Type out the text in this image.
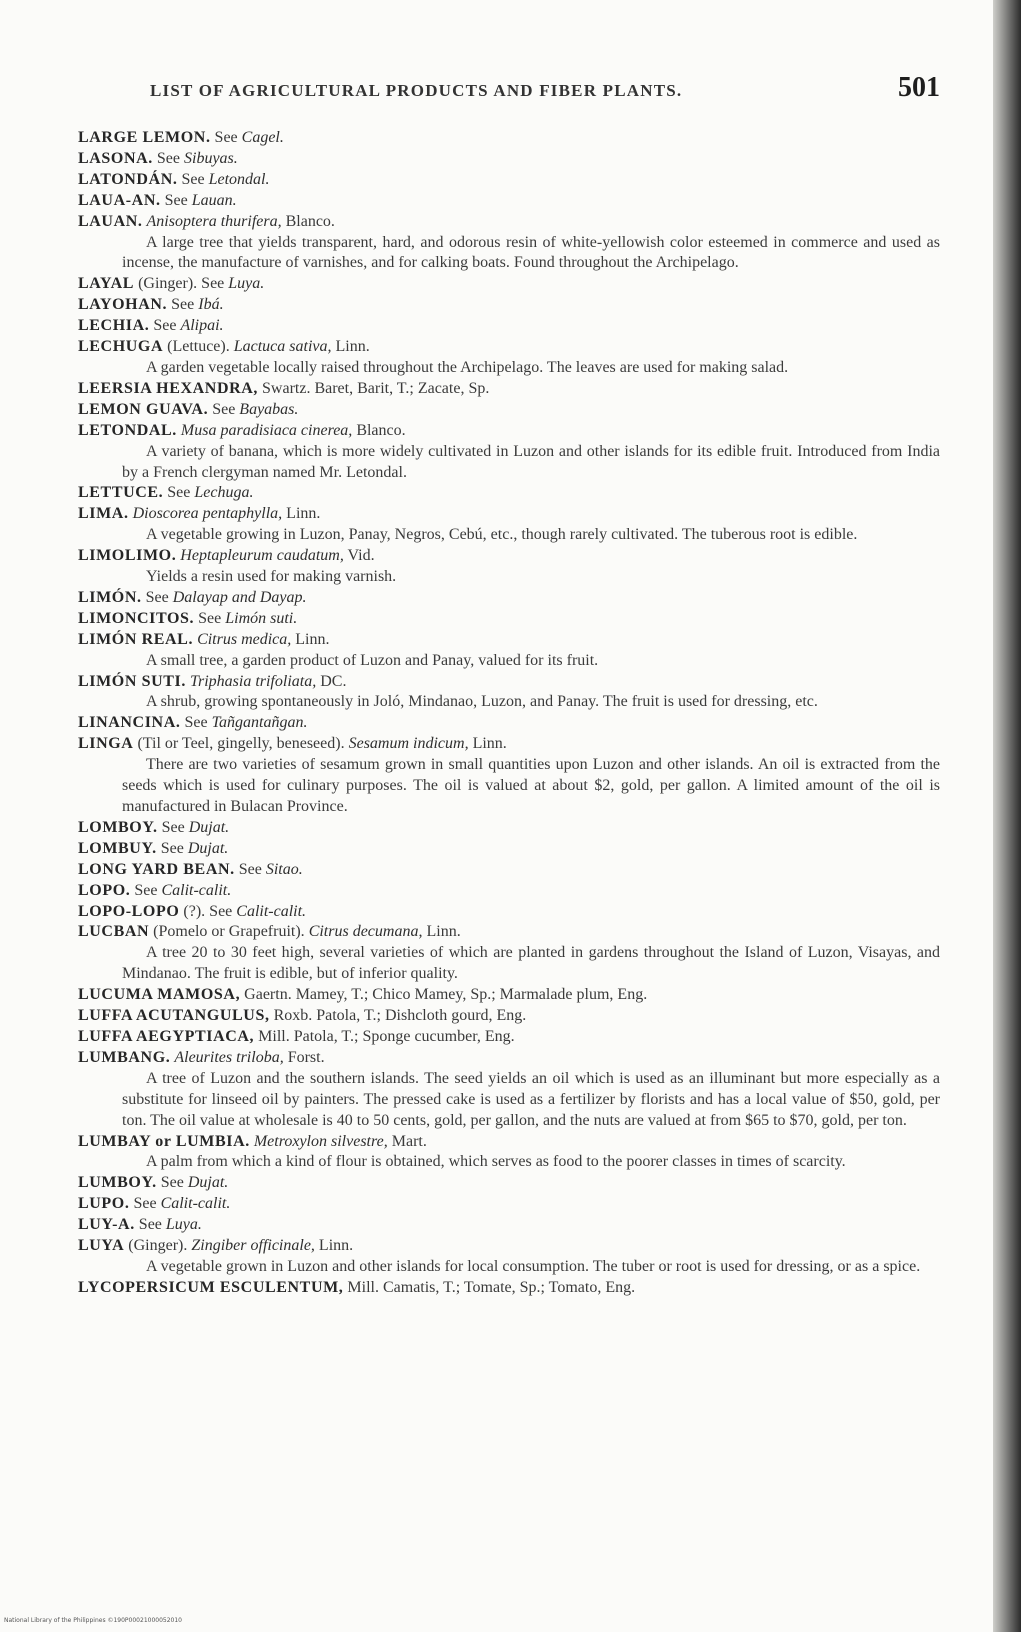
LIST OF AGRICULTURAL PRODUCTS AND FIBER PLANTS.	501
LARGE LEMON. See Cagel.
LASONA. See Sibuyas.
LATONDÁN. See Letondal.
LAUA-AN. See Lauan.
LAUAN. Anisoptera thurifera, Blanco.

A large tree that yields transparent, hard, and odorous resin of white-yellowish color esteemed in commerce and used as incense, the manufacture of varnishes, and for calking boats. Found throughout the Archipelago.

LAYAL (Ginger). See Luya.
LAYOHAN. See Ibá.
LECHIA. See Alipai.
LECHUGA (Lettuce). Lactuca sativa, Linn.

A garden vegetable locally raised throughout the Archipelago. The leaves are used for making salad.

LEERSIA HEXANDRA, Swartz. Baret, Barit, T.; Zacate, Sp.
LEMON GUAVA. See Bayabas.
LETONDAL. Musa paradisiaca cinerea, Blanco.

A variety of banana, which is more widely cultivated in Luzon and other islands for its edible fruit. Introduced from India by a French clergyman named Mr. Letondal.

LETTUCE. See Lechuga.
LIMA. Dioscorea pentaphylla, Linn.

A vegetable growing in Luzon, Panay, Negros, Cebú, etc., though rarely cultivated. The tuberous root is edible.

LIMOLIMO. Heptapleurum caudatum, Vid.

Yields a resin used for making varnish.

LIMÓN. See Dalayap and Dayap.
LIMONCITOS. See Limón suti.
LIMÓN REAL. Citrus medica, Linn.

A small tree, a garden product of Luzon and Panay, valued for its fruit.

LIMÓN SUTI. Triphasia trifoliata, DC.

A shrub, growing spontaneously in Joló, Mindanao, Luzon, and Panay. The fruit is used for dressing, etc.

LINANCINA. See Tañgantañgan.
LINGA (Til or Teel, gingelly, beneseed). Sesamum indicum, Linn.

There are two varieties of sesamum grown in small quantities upon Luzon and other islands. An oil is extracted from the seeds which is used for culinary purposes. The oil is valued at about $2, gold, per gallon. A limited amount of the oil is manufactured in Bulacan Province.

LOMBOY. See Dujat.
LOMBUY. See Dujat.
LONG YARD BEAN. See Sitao.
LOPO. See Calit-calit.
LOPO-LOPO (?). See Calit-calit.
LUCBAN (Pomelo or Grapefruit). Citrus decumana, Linn.

A tree 20 to 30 feet high, several varieties of which are planted in gardens throughout the Island of Luzon, Visayas, and Mindanao. The fruit is edible, but of inferior quality.

LUCUMA MAMOSA, Gaertn. Mamey, T.; Chico Mamey, Sp.; Marmalade plum, Eng.
LUFFA ACUTANGULUS, Roxb. Patola, T.; Dishcloth gourd, Eng.
LUFFA AEGYPTIACA, Mill. Patola, T.; Sponge cucumber, Eng.
LUMBANG. Aleurites triloba, Forst.

A tree of Luzon and the southern islands. The seed yields an oil which is used as an illuminant but more especially as a substitute for linseed oil by painters. The pressed cake is used as a fertilizer by florists and has a local value of $50, gold, per ton. The oil value at wholesale is 40 to 50 cents, gold, per gallon, and the nuts are valued at from $65 to $70, gold, per ton.

LUMBAY or LUMBIA. Metroxylon silvestre, Mart.

A palm from which a kind of flour is obtained, which serves as food to the poorer classes in times of scarcity.

LUMBOY. See Dujat.
LUPO. See Calit-calit.
LUY-A. See Luya.
LUYA (Ginger). Zingiber officinale, Linn.

A vegetable grown in Luzon and other islands for local consumption. The tuber or root is used for dressing, or as a spice.

LYCOPERSICUM ESCULENTUM, Mill. Camatis, T.; Tomate, Sp.; Tomato, Eng.
National Library of the Philippines ©190P00021000052010
